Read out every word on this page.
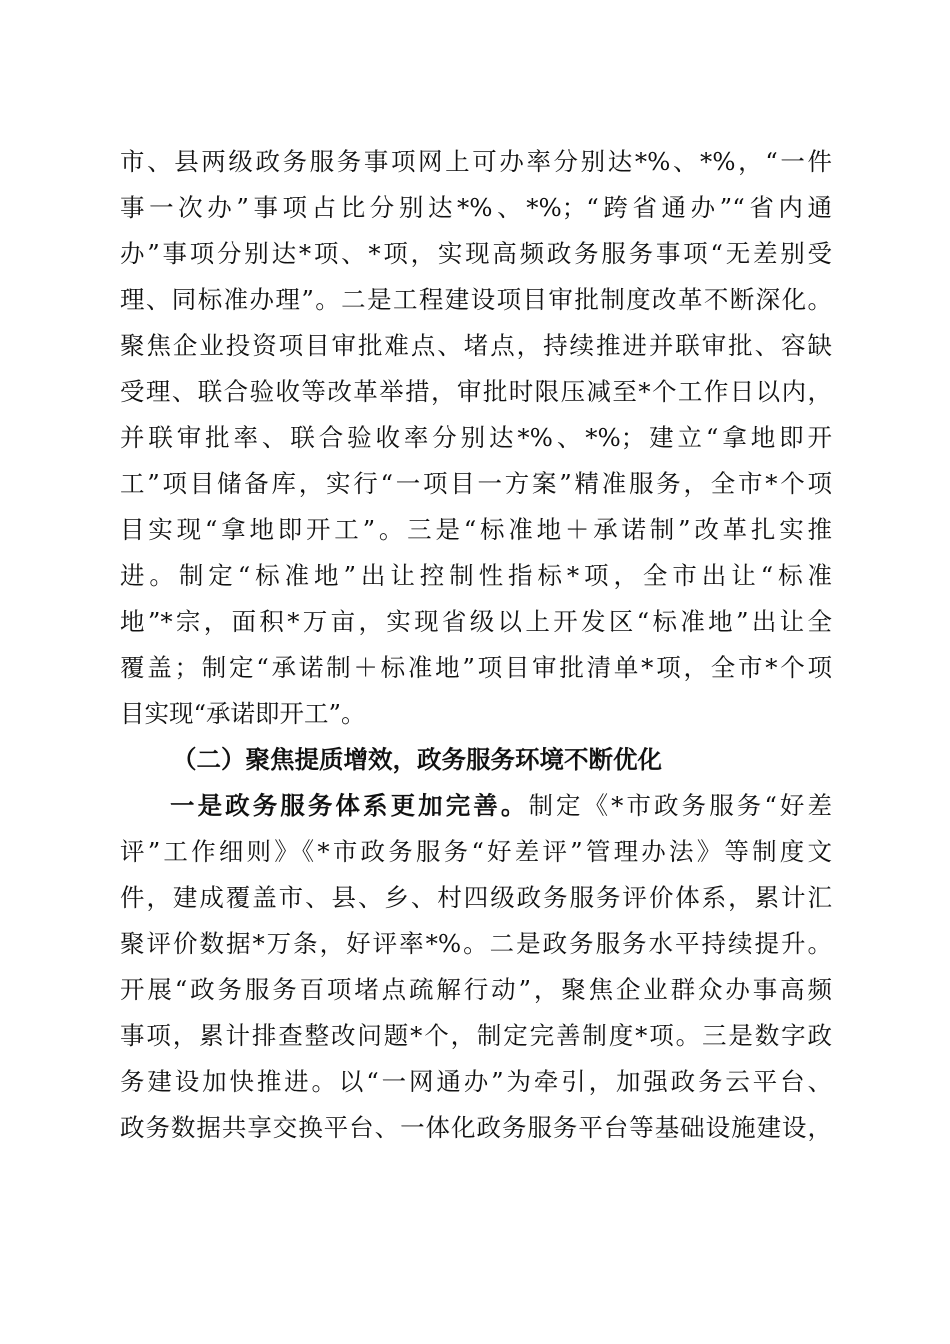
市、县两级政务服务事项网上可办率分别达*%、*%，“一件
事一次办”事项占比分别达*%、*%；“跨省通办”“省内通
办”事项分别达*项、*项，实现高频政务服务事项“无差别受
理、同标准办理”。二是工程建设项目审批制度改革不断深化。
聚焦企业投资项目审批难点、堵点，持续推进并联审批、容缺
受理、联合验收等改革举措，审批时限压减至*个工作日以内，
并联审批率、联合验收率分别达*%、*%；建立“拿地即开
工”项目储备库，实行“一项目一方案”精准服务，全市*个项
目实现“拿地即开工”。三是“标准地＋承诺制”改革扎实推
进。制定“标准地”出让控制性指标*项，全市出让“标准
地”*宗，面积*万亩，实现省级以上开发区“标准地”出让全
覆盖；制定“承诺制＋标准地”项目审批清单*项，全市*个项
目实现“承诺即开工”。
（二）聚焦提质增效，政务服务环境不断优化
一是政务服务体系更加完善。制定《*市政务服务“好差
评”工作细则》《*市政务服务“好差评”管理办法》等制度文
件，建成覆盖市、县、乡、村四级政务服务评价体系，累计汇
聚评价数据*万条，好评率*%。二是政务服务水平持续提升。
开展“政务服务百项堵点疏解行动”，聚焦企业群众办事高频
事项，累计排查整改问题*个，制定完善制度*项。三是数字政
务建设加快推进。以“一网通办”为牵引，加强政务云平台、
政务数据共享交换平台、一体化政务服务平台等基础设施建设，
